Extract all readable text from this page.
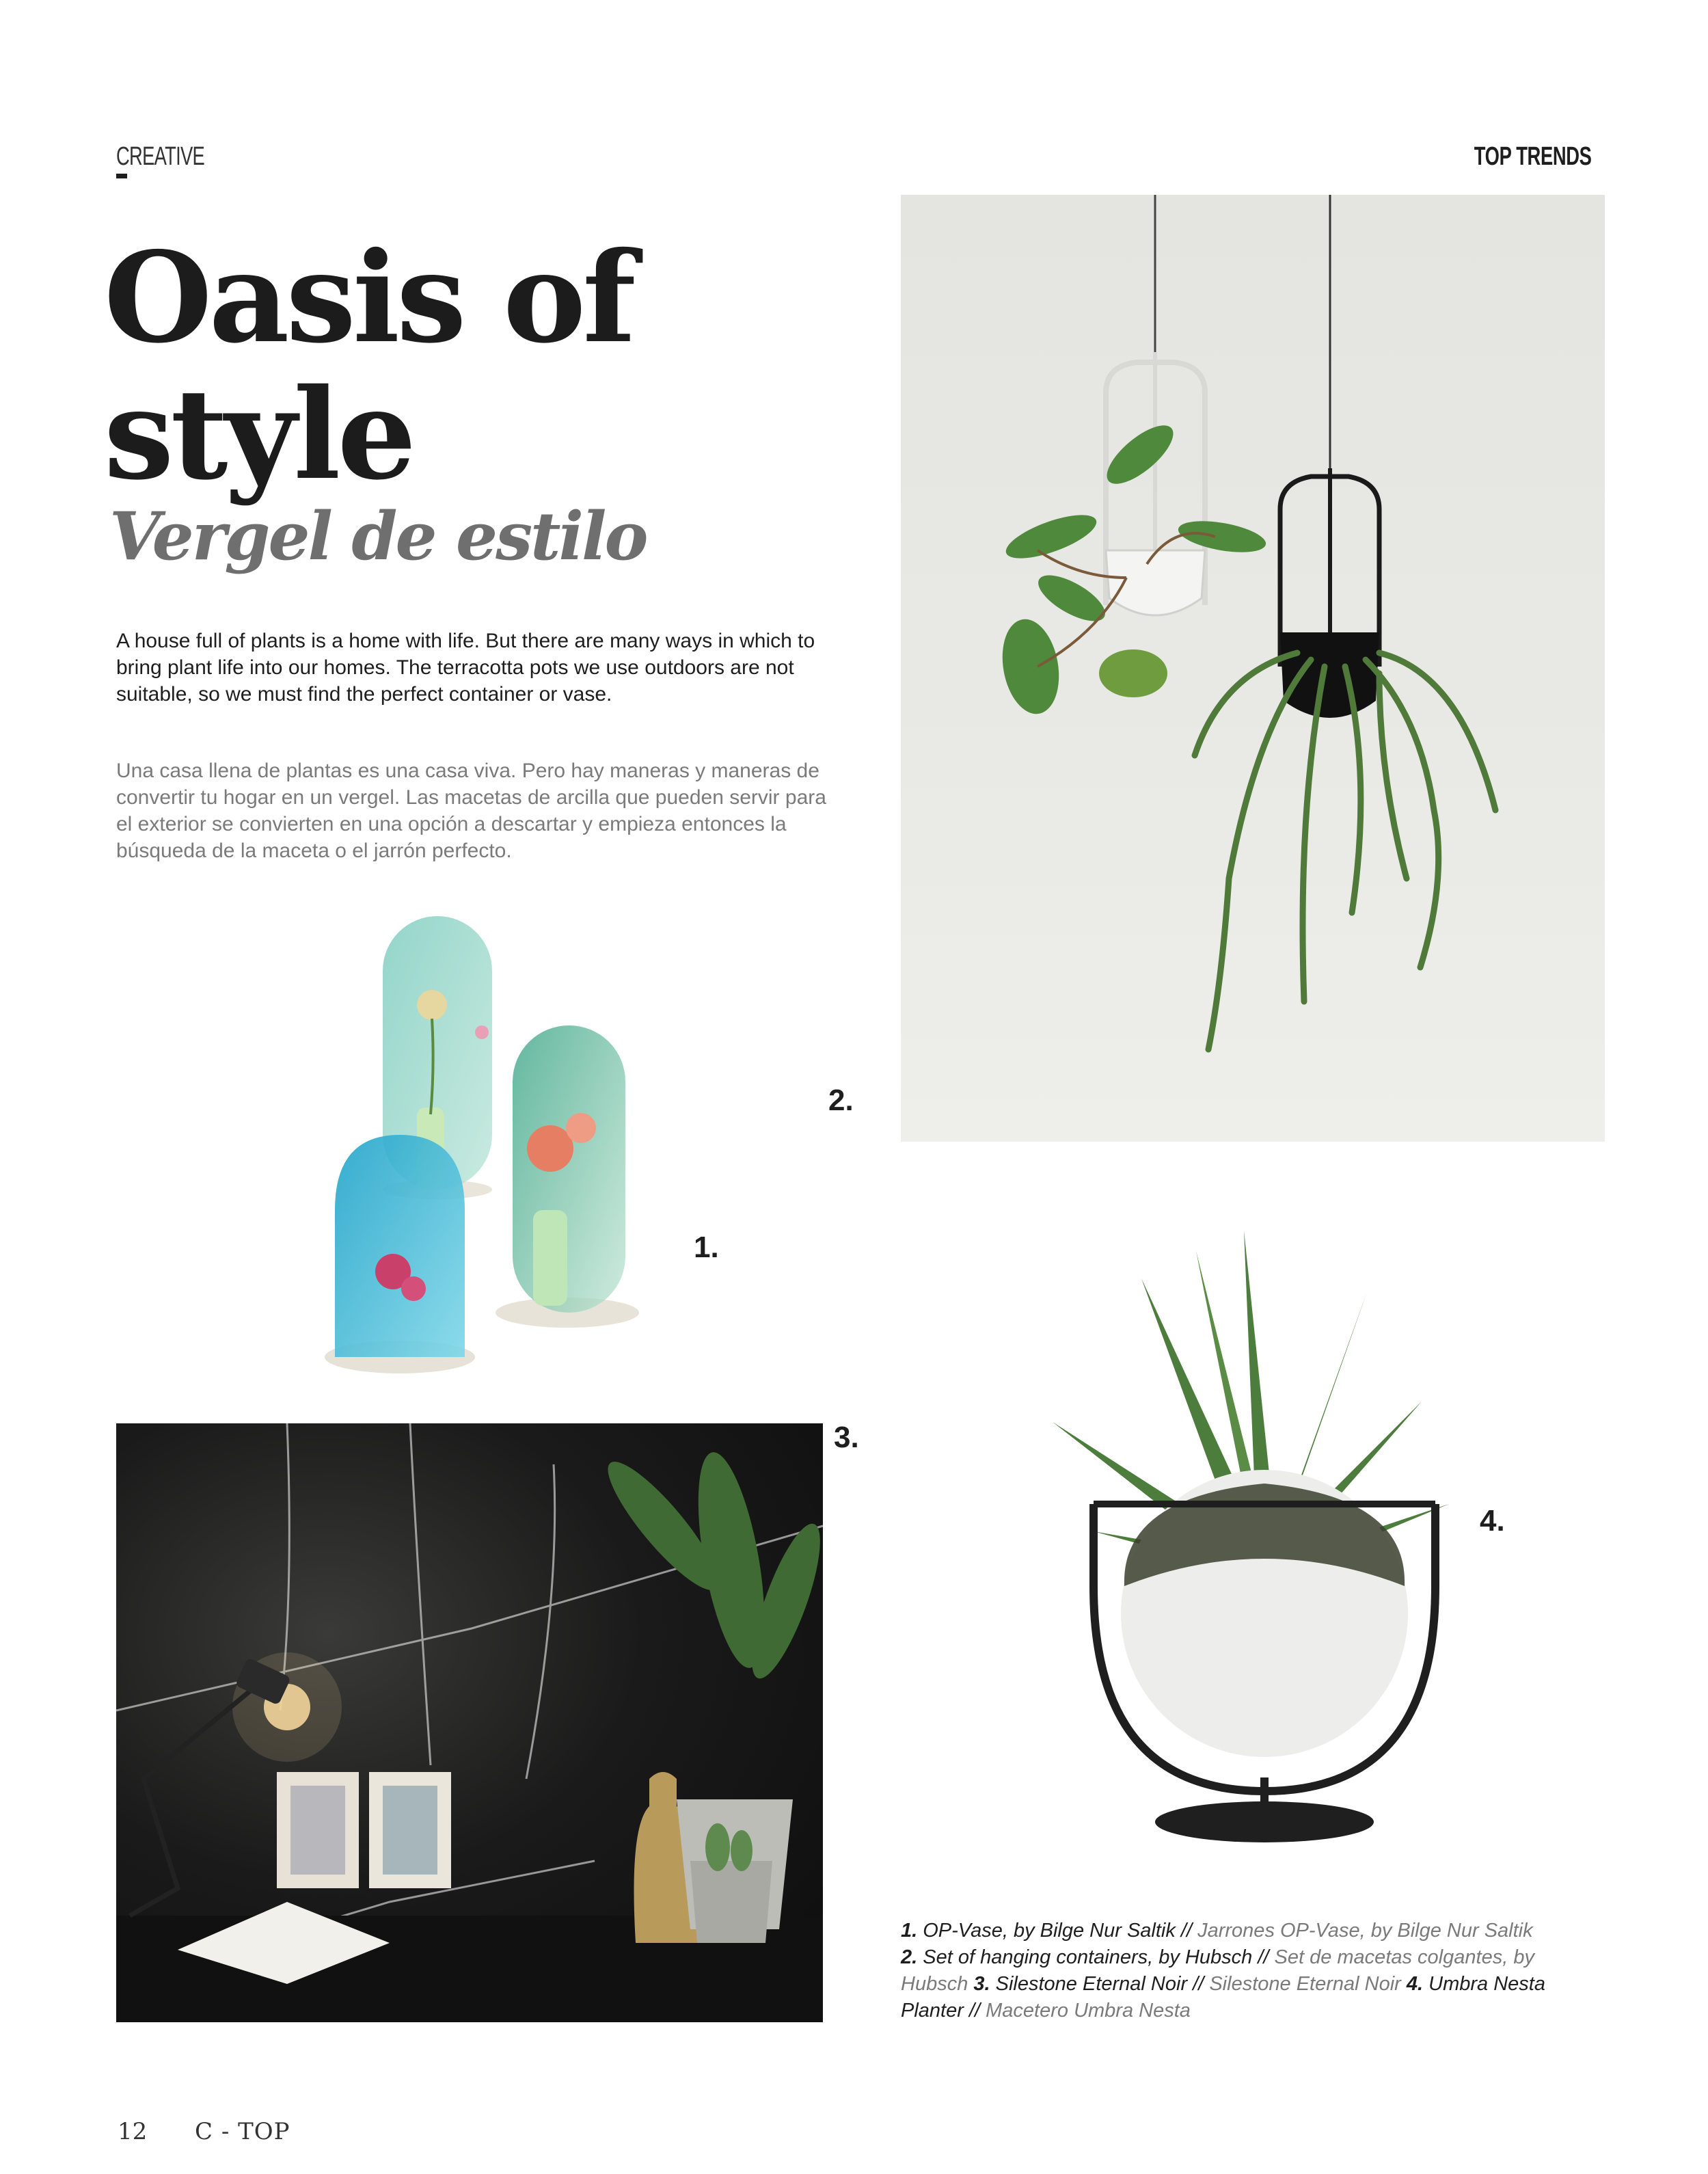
CREATIVE	TOP TRENDS
Oasis of
style
Vergel de estilo
A house full of plants is a home with life. But there are many ways in which to bring plant life into our homes. The terracotta pots we use outdoors are not suitable, so we must find the perfect container or vase.
Una casa llena de plantas es una casa viva. Pero hay maneras y maneras de convertir tu hogar en un vergel. Las macetas de arcilla que pueden servir para el exterior se convierten en una opción a descartar y empieza entonces la búsqueda de la maceta o el jarrón perfecto.
1.
2.
3.
4.
1. OP-Vase, by Bilge Nur Saltik // Jarrones OP-Vase, by Bilge Nur Saltik
2. Set of hanging containers, by Hubsch // Set de macetas colgantes, by Hubsch 3. Silestone Eternal Noir // Silestone Eternal Noir 4. Umbra Nesta Planter // Macetero Umbra Nesta
12 C - TOP
